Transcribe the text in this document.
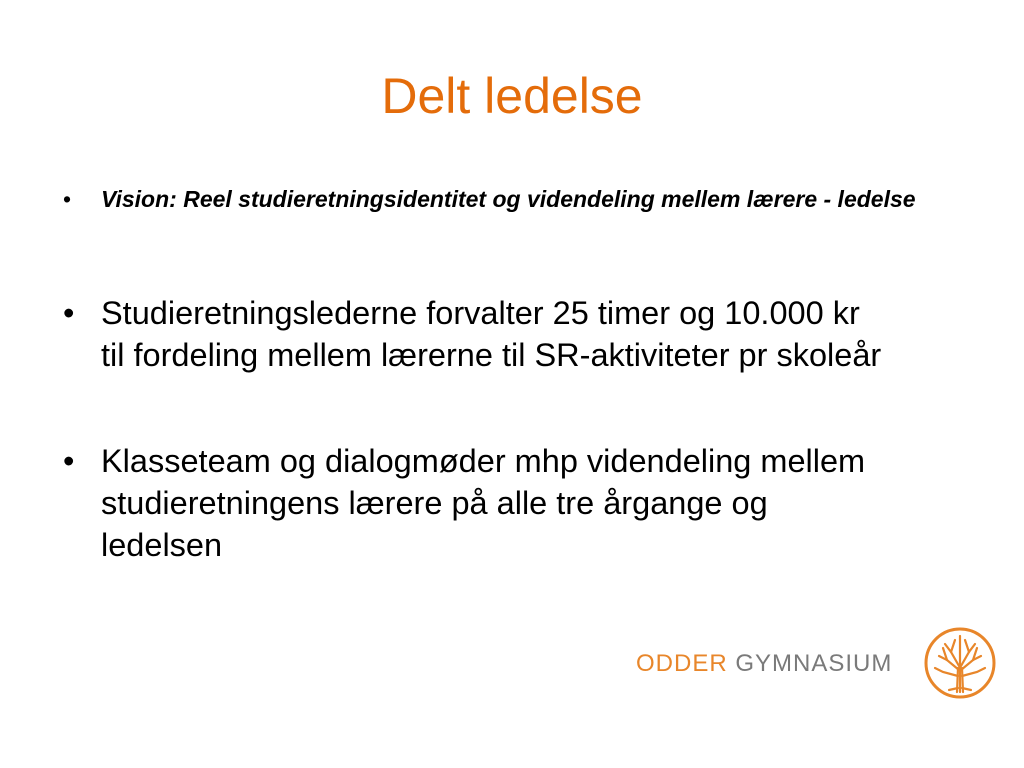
Delt ledelse
• Vision: Reel studieretningsidentitet og videndeling mellem lærere - ledelse
• Studieretningslederne forvalter 25 timer og 10.000 kr til fordeling mellem lærerne til SR-aktiviteter pr skoleår
• Klasseteam og dialogmøder mhp videndeling mellem studieretningens lærere på alle tre årgange og ledelsen
ODDER GYMNASIUM
